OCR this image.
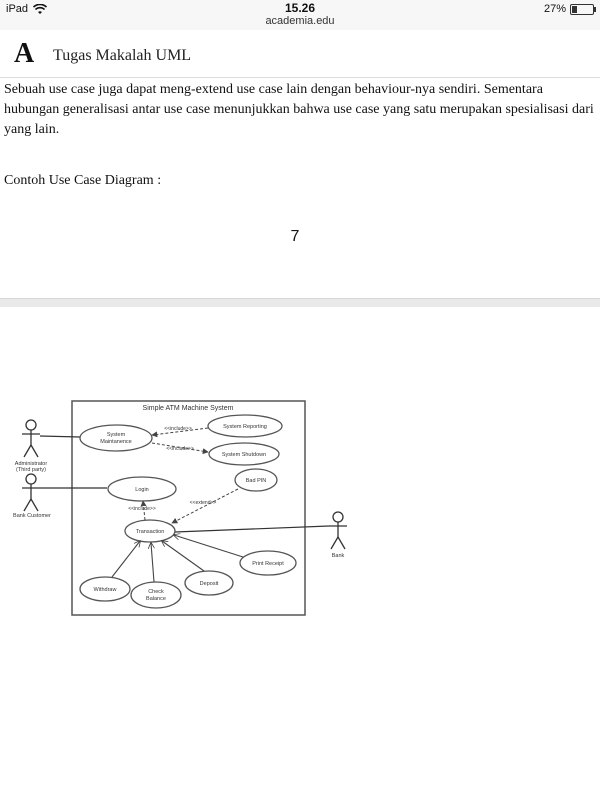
iPad	15.26
academia.edu
27%
A Tugas Makalah UML

Sebuah use case juga dapat meng-extend use case lain dengan behaviour-nya sendiri. Sementara hubungan generalisasi antar use case menunjukkan bahwa use case yang satu merupakan spesialisasi dari yang lain.

Contoh Use Case Diagram :

7
Simple ATM Machine System
Administrator
(Third party)
Bank Customer
Bank
System
Maintanence
System Reporting
System Shutdown
Login
Bad PIN
Transaction
Print Receipt
Withdraw	Check
Balance
Deposit
<<include>>
<<include>>
<<include>>
<<extend>>
